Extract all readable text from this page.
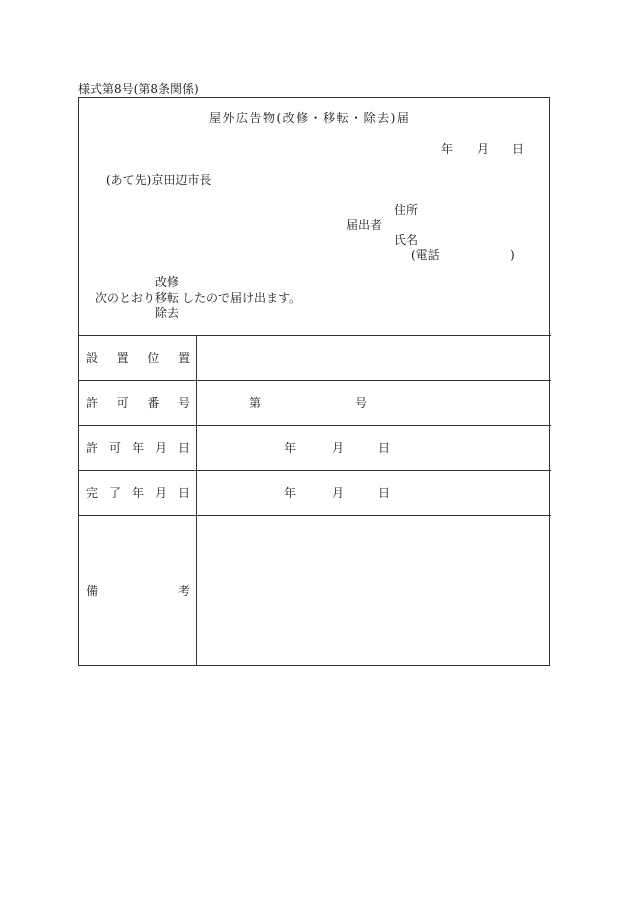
様式第8号(第8条関係)
屋外広告物(改修・移転・除去)届
年 月 日
(あて先)京田辺市長
住所
届出者
氏名
(電話	)
改修
次のとおり 移転 したので届け出ます。
除去
設 置 位 置
許 可 番 号	第	号
許 可 年 月 日	年	月	日
完 了 年 月 日	年	月	日
備	考
